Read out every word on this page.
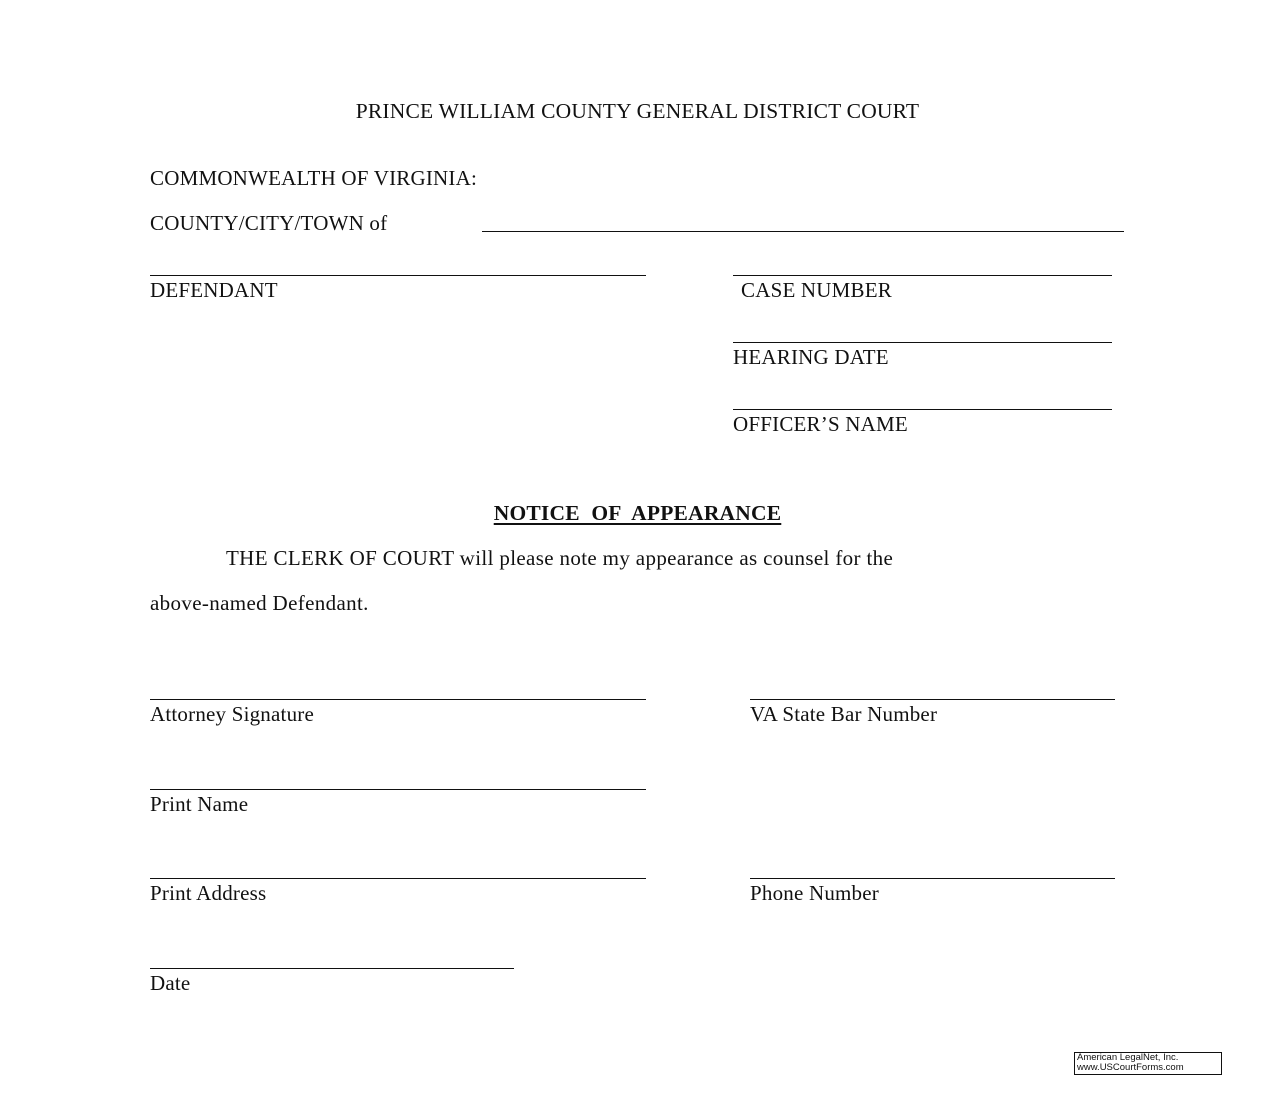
PRINCE WILLIAM COUNTY GENERAL DISTRICT COURT
COMMONWEALTH OF VIRGINIA:
COUNTY/CITY/TOWN of
DEFENDANT	CASE NUMBER
HEARING DATE
OFFICER’S NAME
NOTICE OF APPEARANCE
THE CLERK OF COURT will please note my appearance as counsel for the
above-named Defendant.
Attorney Signature	VA State Bar Number
Print Name
Print Address	Phone Number
Date
American LegalNet, Inc.
www.USCourtForms.com
